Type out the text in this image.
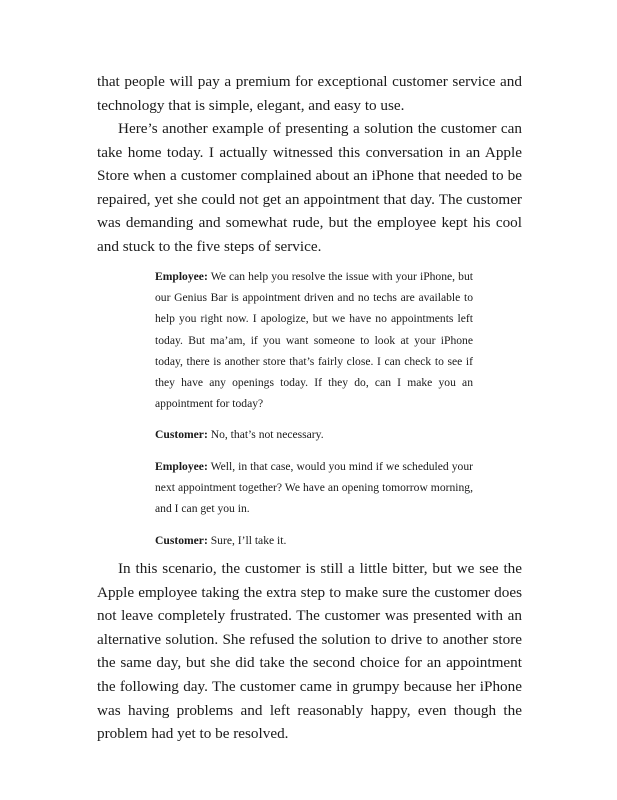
that people will pay a premium for exceptional customer service and technology that is simple, elegant, and easy to use.

Here’s another example of presenting a solution the customer can take home today. I actually witnessed this conversation in an Apple Store when a customer complained about an iPhone that needed to be repaired, yet she could not get an appointment that day. The customer was demanding and somewhat rude, but the employee kept his cool and stuck to the five steps of service.

Employee: We can help you resolve the issue with your iPhone, but our Genius Bar is appointment driven and no techs are available to help you right now. I apologize, but we have no appointments left today. But ma’am, if you want someone to look at your iPhone today, there is another store that’s fairly close. I can check to see if they have any openings today. If they do, can I make you an appointment for today?

Customer: No, that’s not necessary.

Employee: Well, in that case, would you mind if we scheduled your next appointment together? We have an opening tomorrow morning, and I can get you in.

Customer: Sure, I’ll take it.

In this scenario, the customer is still a little bitter, but we see the Apple employee taking the extra step to make sure the customer does not leave completely frustrated. The customer was presented with an alternative solution. She refused the solution to drive to another store the same day, but she did take the second choice for an appointment the following day. The customer came in grumpy because her iPhone was having problems and left reasonably happy, even though the problem had yet to be resolved.
